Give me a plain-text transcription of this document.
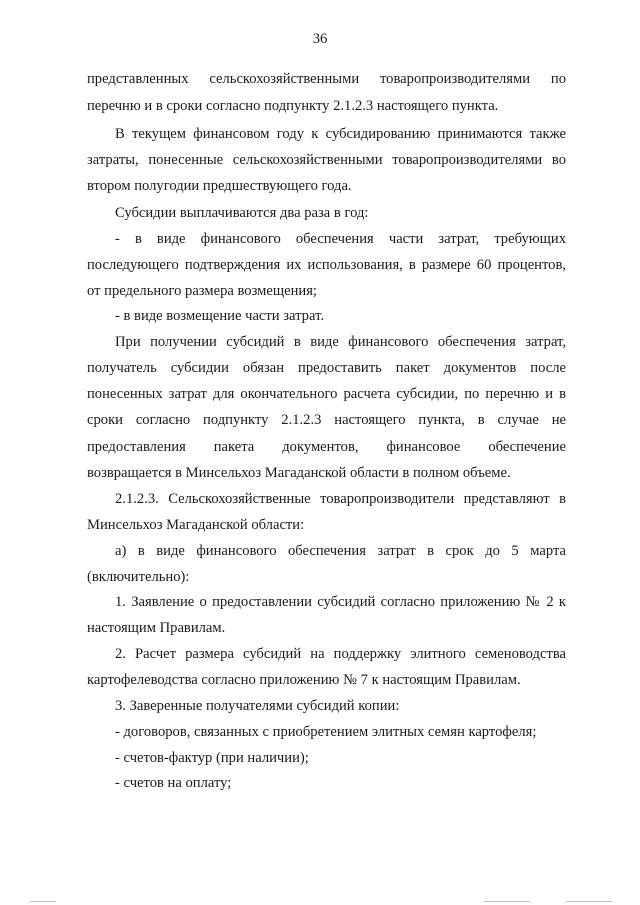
36
представленных сельскохозяйственными товаропроизводителями по
перечню и в сроки согласно подпункту 2.1.2.3 настоящего пункта.
В текущем финансовом году к субсидированию принимаются также
затраты, понесенные сельскохозяйственными товаропроизводителями во
втором полугодии предшествующего года.
Субсидии выплачиваются два раза в год:
- в виде финансового обеспечения части затрат, требующих
последующего подтверждения их использования, в размере 60 процентов,
от предельного размера возмещения;
- в виде возмещение части затрат.
При получении субсидий в виде финансового обеспечения затрат,
получатель субсидии обязан предоставить пакет документов после
понесенных затрат для окончательного расчета субсидии, по перечню и в
сроки согласно подпункту 2.1.2.3 настоящего пункта, в случае не
предоставления пакета документов, финансовое обеспечение
возвращается в Минсельхоз Магаданской области в полном объеме.
2.1.2.3. Сельскохозяйственные товаропроизводители представляют в
Минсельхоз Магаданской области:
а) в виде финансового обеспечения затрат в срок до 5 марта
(включительно):
1. Заявление о предоставлении субсидий согласно приложению № 2 к
настоящим Правилам.
2. Расчет размера субсидий на поддержку элитного семеноводства
картофелеводства согласно приложению № 7 к настоящим Правилам.
3. Заверенные получателями субсидий копии:
- договоров, связанных с приобретением элитных семян картофеля;
- счетов-фактур (при наличии);
- счетов на оплату;
